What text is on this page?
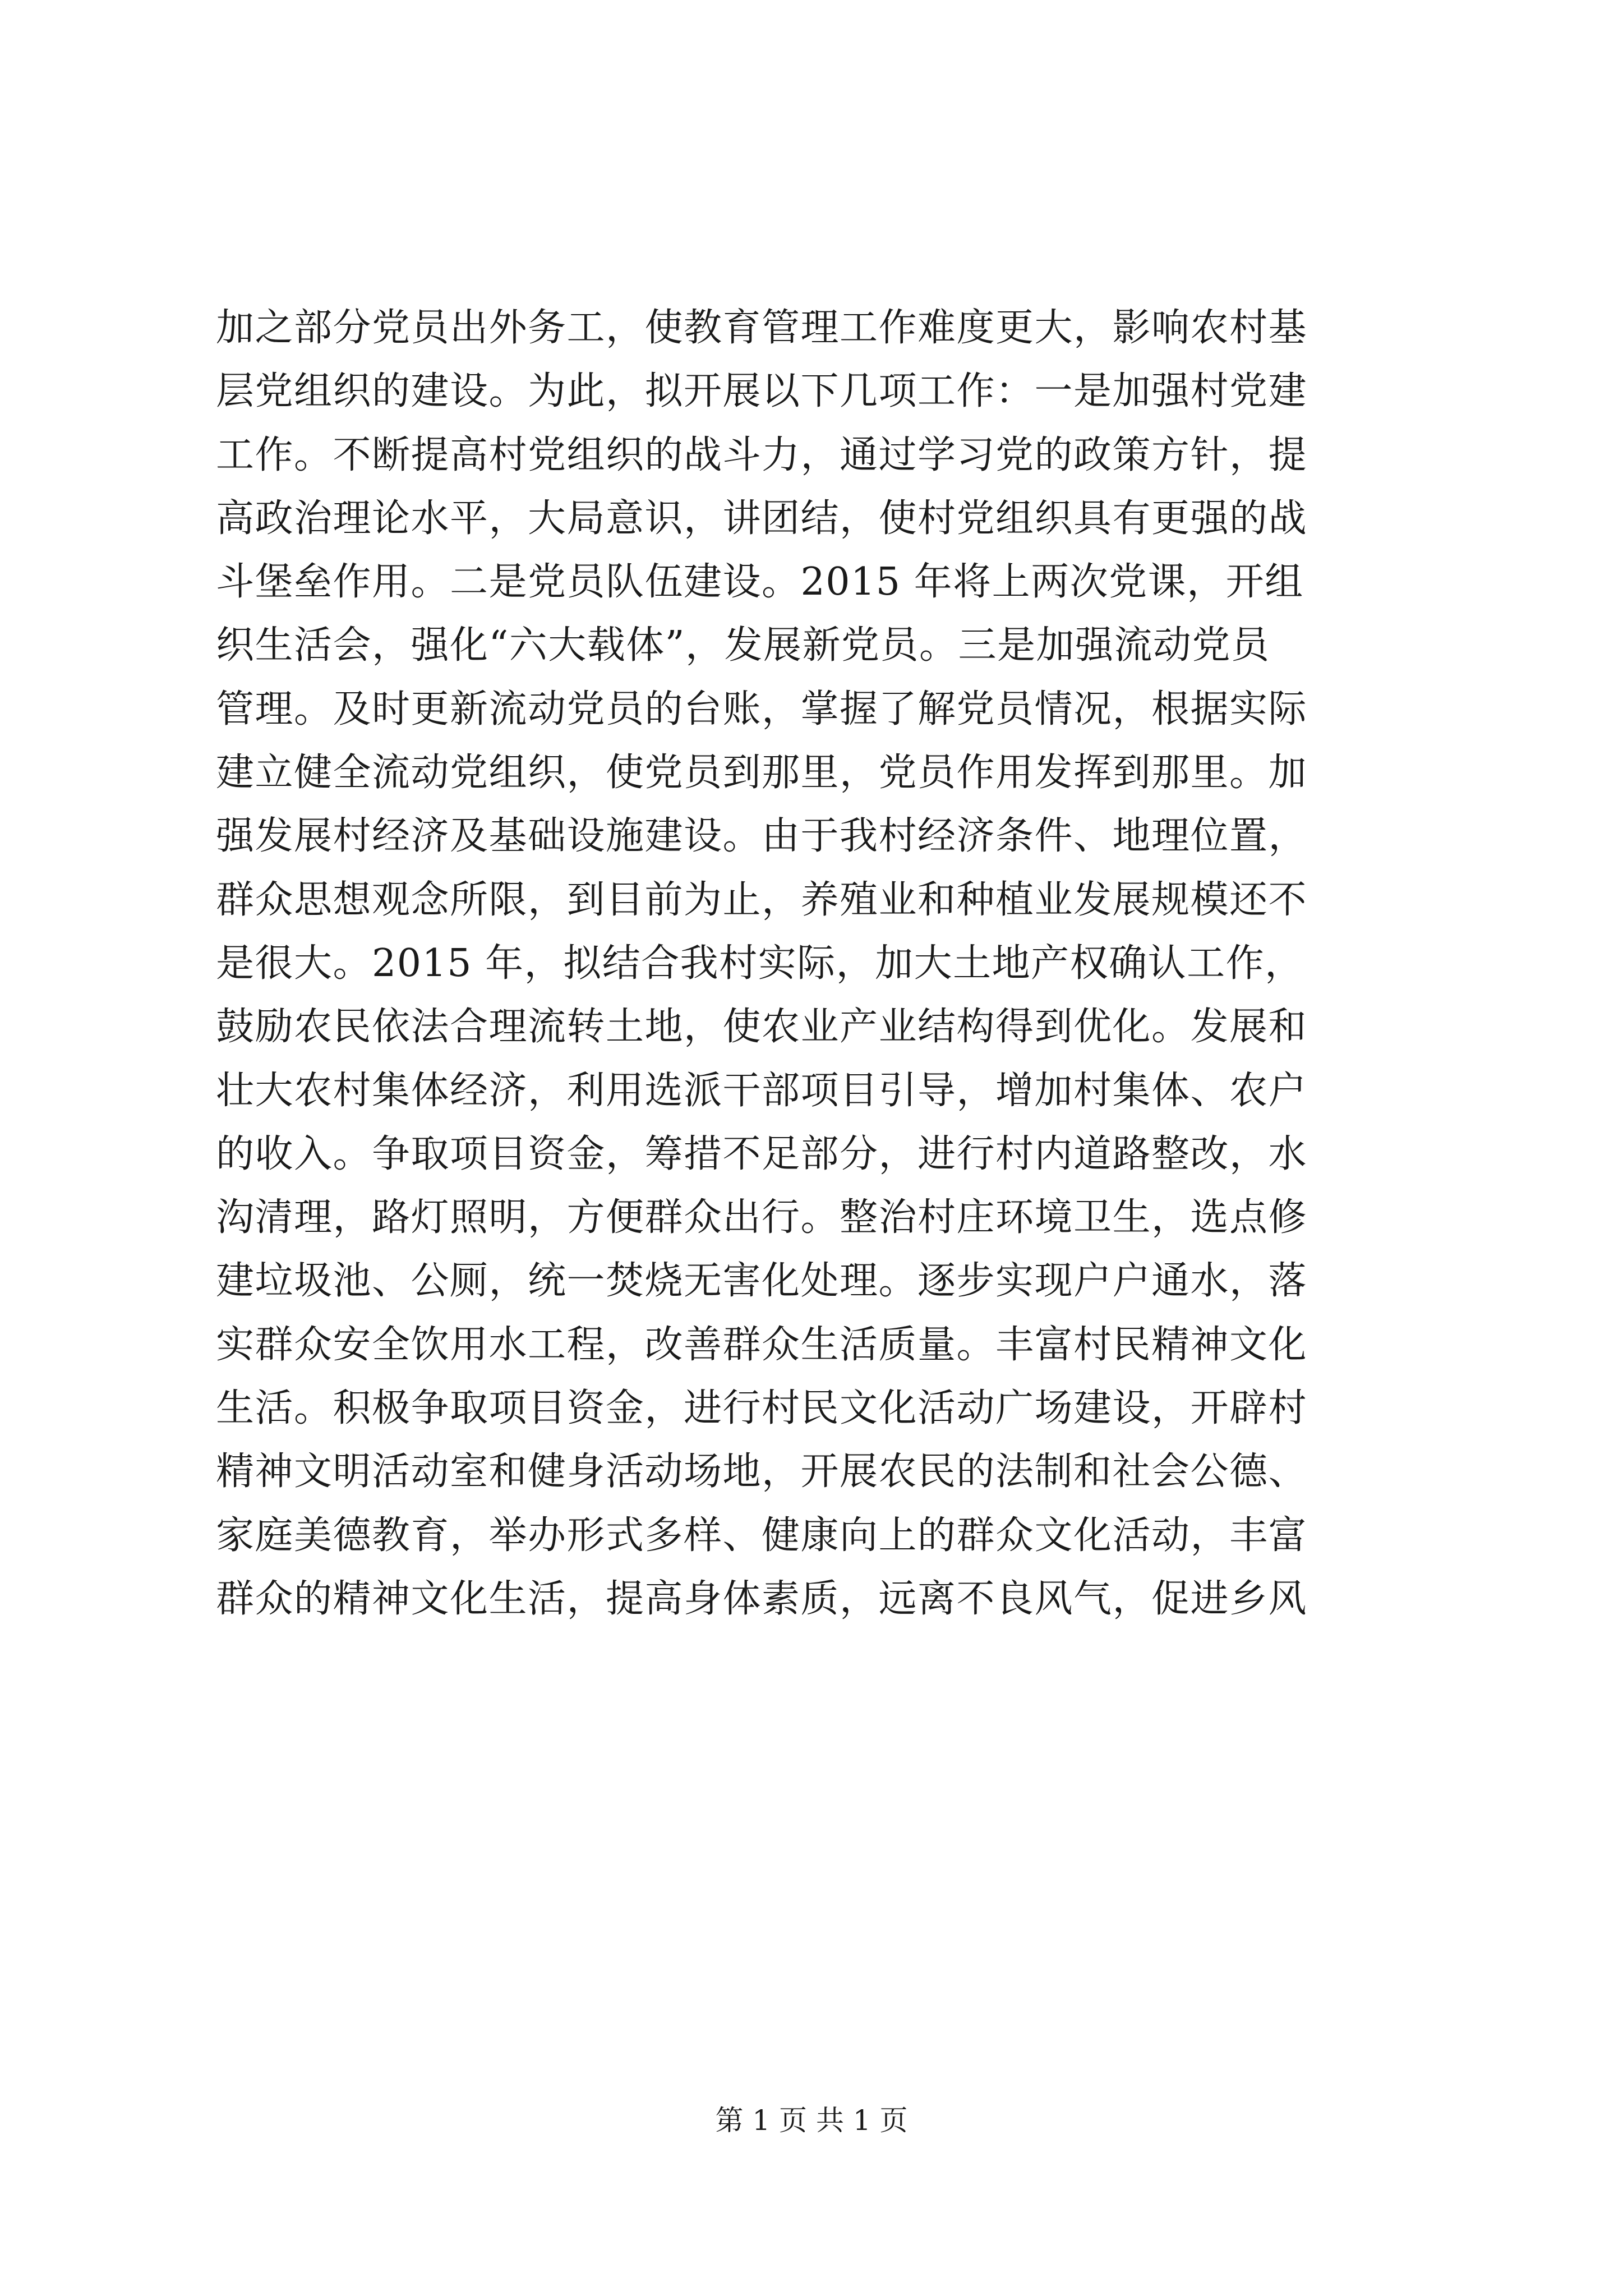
加之部分党员出外务工，使教育管理工作难度更大，影响农村基
层党组织的建设。为此，拟开展以下几项工作：一是加强村党建
工作。不断提高村党组织的战斗力，通过学习党的政策方针，提
高政治理论水平，大局意识，讲团结，使村党组织具有更强的战
斗堡垒作用。二是党员队伍建设。2015 年将上两次党课，开组
织生活会，强化“六大载体”，发展新党员。三是加强流动党员
管理。及时更新流动党员的台账，掌握了解党员情况，根据实际
建立健全流动党组织，使党员到那里，党员作用发挥到那里。加
强发展村经济及基础设施建设。由于我村经济条件、地理位置，
群众思想观念所限，到目前为止，养殖业和种植业发展规模还不
是很大。2015 年，拟结合我村实际，加大土地产权确认工作，
鼓励农民依法合理流转土地，使农业产业结构得到优化。发展和
壮大农村集体经济，利用选派干部项目引导，增加村集体、农户
的收入。争取项目资金，筹措不足部分，进行村内道路整改，水
沟清理，路灯照明，方便群众出行。整治村庄环境卫生，选点修
建垃圾池、公厕，统一焚烧无害化处理。逐步实现户户通水，落
实群众安全饮用水工程，改善群众生活质量。丰富村民精神文化
生活。积极争取项目资金，进行村民文化活动广场建设，开辟村
精神文明活动室和健身活动场地，开展农民的法制和社会公德、
家庭美德教育，举办形式多样、健康向上的群众文化活动，丰富
群众的精神文化生活，提高身体素质，远离不良风气，促进乡风
第 1 页 共 1 页
